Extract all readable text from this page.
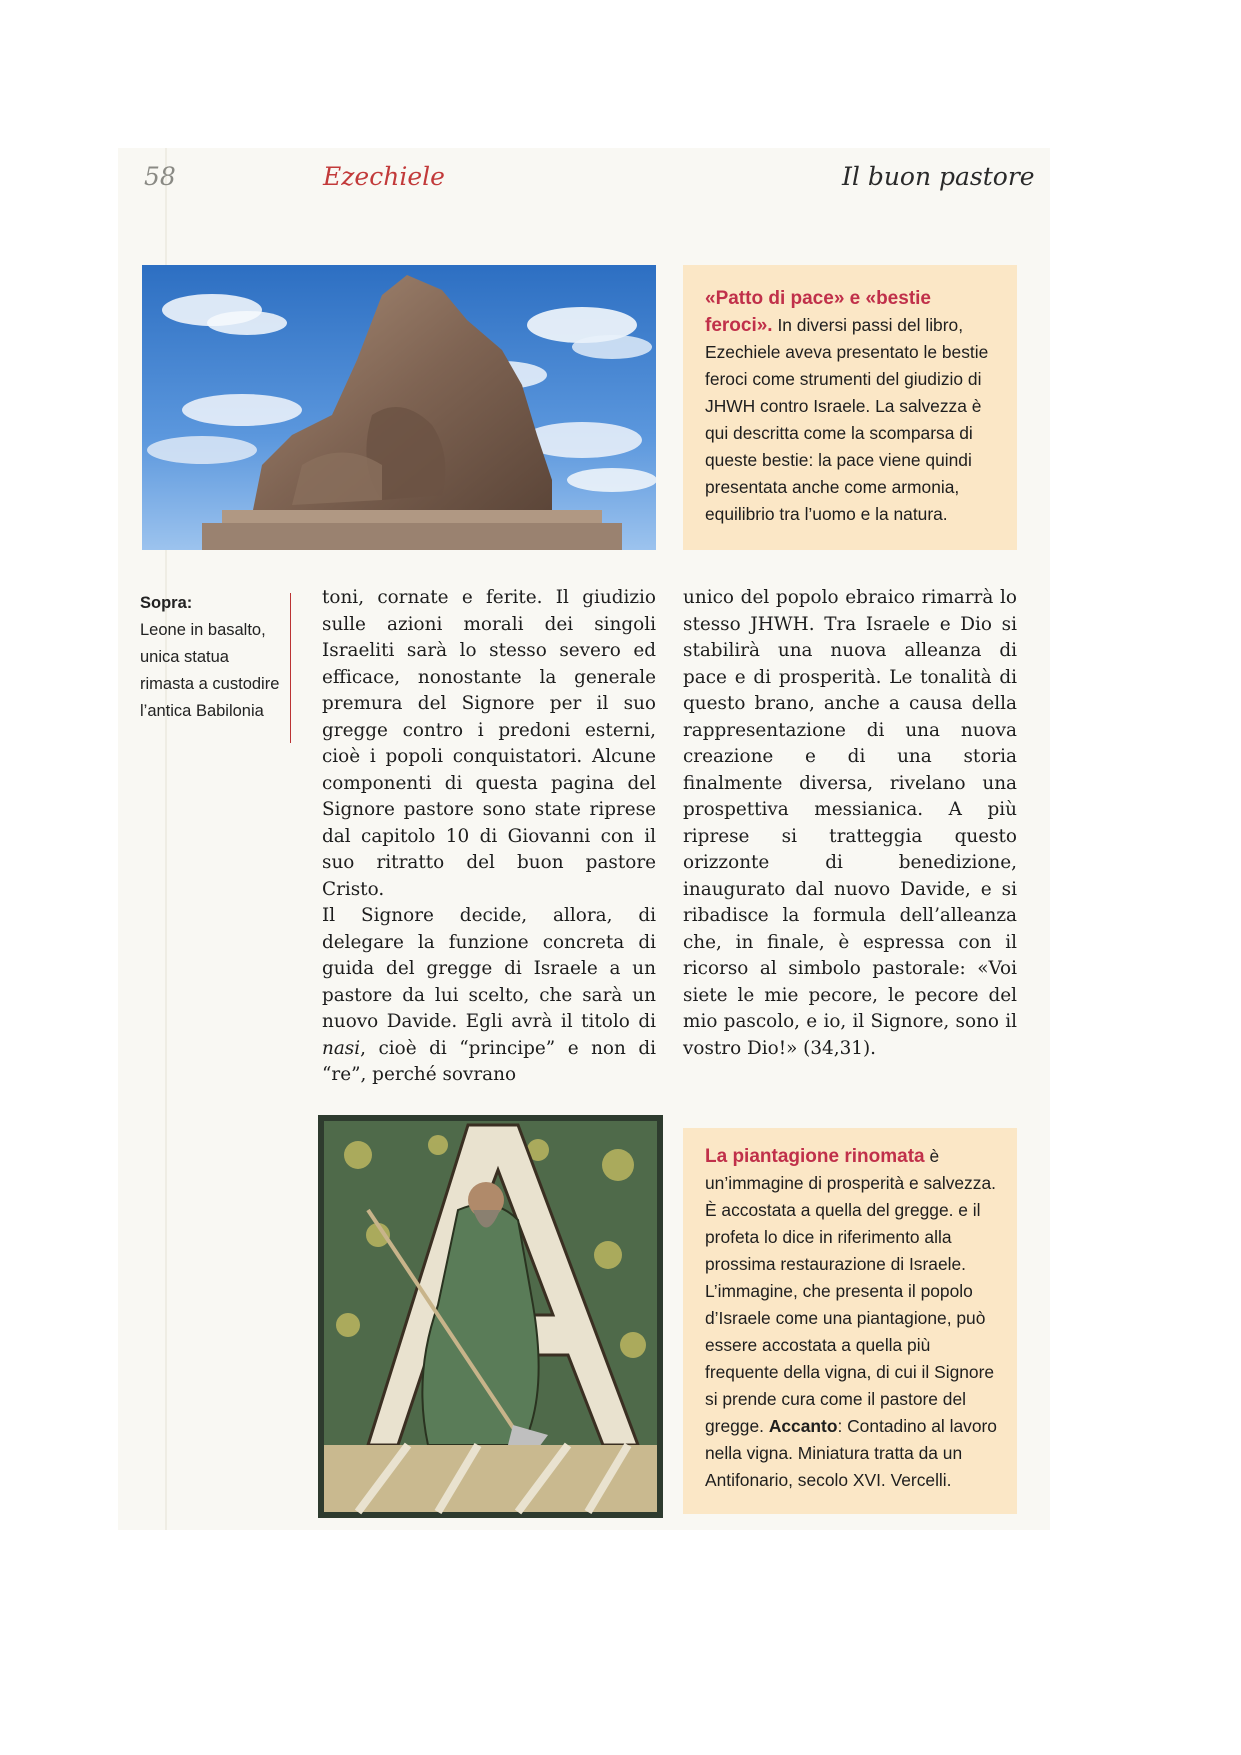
58	Ezechiele	Il buon pastore
Sopra:
Leone in basalto, unica statua rimasta a custodire l’antica Babilonia
«Patto di pace» e «bestie feroci». In diversi passi del libro, Ezechiele aveva presentato le bestie feroci come strumenti del giudizio di JHWH contro Israele. La salvezza è qui descritta come la scomparsa di queste bestie: la pace viene quindi presentata anche come armonia, equilibrio tra l’uomo e la natura.

toni, cornate e ferite. Il giudizio sulle azioni morali dei singoli Israeliti sarà lo stesso severo ed efficace, nonostante la generale premura del Signore per il suo gregge contro i predoni esterni, cioè i popoli conquistatori. Alcune componenti di questa pagina del Signore pastore sono state riprese dal capitolo 10 di Giovanni con il suo ritratto del buon pastore Cristo.

Il Signore decide, allora, di delegare la funzione concreta di guida del gregge di Israele a un pastore da lui scelto, che sarà un nuovo Davide. Egli avrà il titolo di nasi, cioè di “principe” e non di “re”, perché sovrano

unico del popolo ebraico rimarrà lo stesso JHWH. Tra Israele e Dio si stabilirà una nuova alleanza di pace e di prosperità. Le tonalità di questo brano, anche a causa della rappresentazione di una nuova creazione e di una storia finalmente diversa, rivelano una prospettiva messianica. A più riprese si tratteggia questo orizzonte di benedizione, inaugurato dal nuovo Davide, e si ribadisce la formula dell’alleanza che, in finale, è espressa con il ricorso al simbolo pastorale: «Voi siete le mie pecore, le pecore del mio pascolo, e io, il Signore, sono il vostro Dio!» (34,31).

La piantagione rinomata è un’immagine di prosperità e salvezza. È accostata a quella del gregge. e il profeta lo dice in riferimento alla prossima restaurazione di Israele. L’immagine, che presenta il popolo d’Israele come una piantagione, può essere accostata a quella più frequente della vigna, di cui il Signore si prende cura come il pastore del gregge. Accanto: Contadino al lavoro nella vigna. Miniatura tratta da un Antifonario, secolo XVI. Vercelli.
